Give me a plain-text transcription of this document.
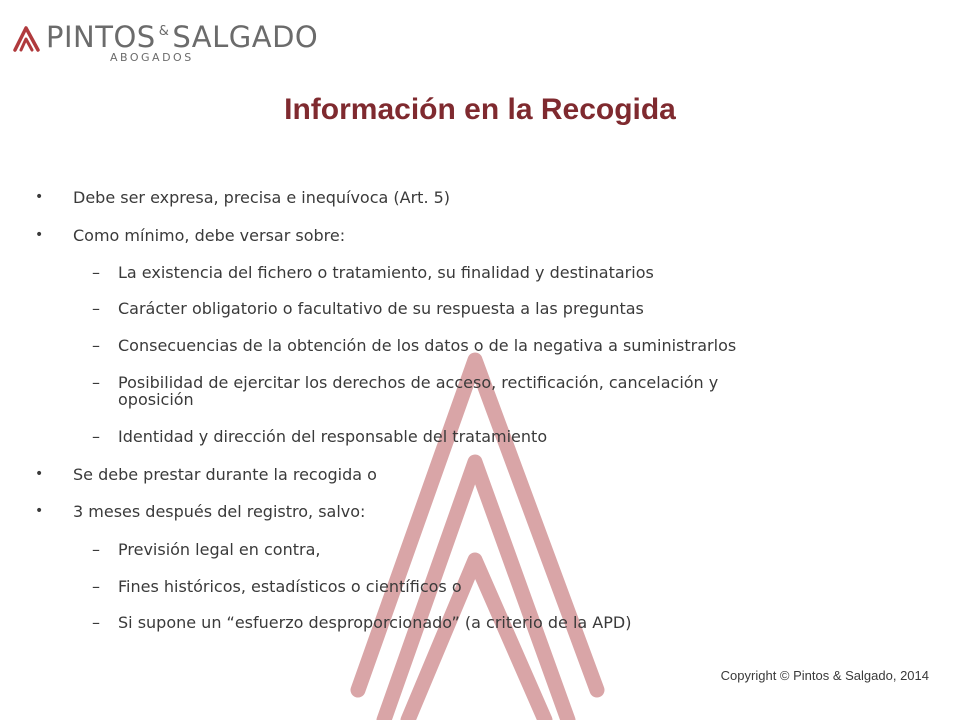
PINTOS & SALGADO
ABOGADOS
Información en la Recogida
• Debe ser expresa, precisa e inequívoca (Art. 5)
• Como mínimo, debe versar sobre:
– La existencia del fichero o tratamiento, su finalidad y destinatarios
– Carácter obligatorio o facultativo de su respuesta a las preguntas
– Consecuencias de la obtención de los datos o de la negativa a suministrarlos
– Posibilidad de ejercitar los derechos de acceso, rectificación, cancelación y
oposición
– Identidad y dirección del responsable del tratamiento
• Se debe prestar durante la recogida o
• 3 meses después del registro, salvo:
– Previsión legal en contra,
– Fines históricos, estadísticos o científicos o
– Si supone un “esfuerzo desproporcionado” (a criterio de la APD)
Copyright © Pintos & Salgado, 2014
